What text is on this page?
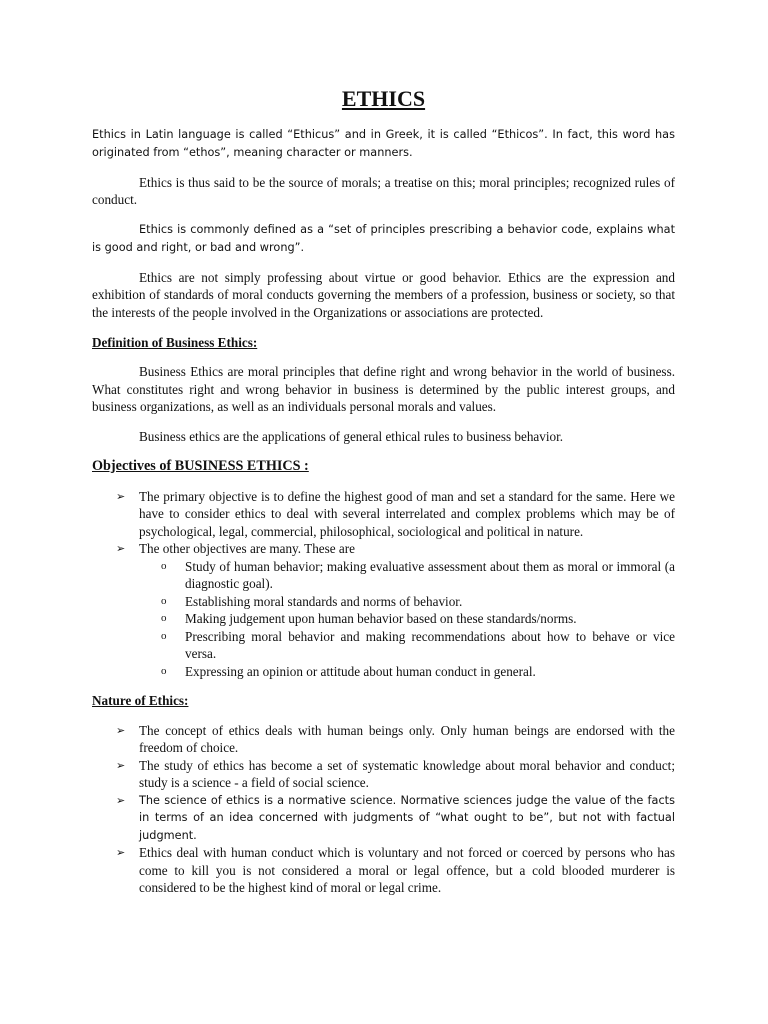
ETHICS

Ethics in Latin language is called “Ethicus” and in Greek, it is called “Ethicos”. In fact, this word has originated from “ethos”, meaning character or manners.

Ethics is thus said to be the source of morals; a treatise on this; moral principles; recognized rules of conduct.

Ethics is commonly defined as a “set of principles prescribing a behavior code, explains what is good and right, or bad and wrong”.

Ethics are not simply professing about virtue or good behavior. Ethics are the expression and exhibition of standards of moral conducts governing the members of a profession, business or society, so that the interests of the people involved in the Organizations or associations are protected.

Definition of Business Ethics:

Business Ethics are moral principles that define right and wrong behavior in the world of business. What constitutes right and wrong behavior in business is determined by the public interest groups, and business organizations, as well as an individuals personal morals and values.

Business ethics are the applications of general ethical rules to business behavior.

Objectives of BUSINESS ETHICS :
➢ The primary objective is to define the highest good of man and set a standard for the same. Here we have to consider ethics to deal with several interrelated and complex problems which may be of psychological, legal, commercial, philosophical, sociological and political in nature.
➢ The other objectives are many. These are
o Study of human behavior; making evaluative assessment about them as moral or immoral (a diagnostic goal).
o Establishing moral standards and norms of behavior.
o Making judgement upon human behavior based on these standards/norms.
o Prescribing moral behavior and making recommendations about how to behave or vice versa.
o Expressing an opinion or attitude about human conduct in general.
Nature of Ethics:
➢ The concept of ethics deals with human beings only. Only human beings are endorsed with the freedom of choice.
➢ The study of ethics has become a set of systematic knowledge about moral behavior and conduct; study is a science - a field of social science.
➢ The science of ethics is a normative science. Normative sciences judge the value of the facts in terms of an idea concerned with judgments of “what ought to be”, but not with factual judgment.
➢ Ethics deal with human conduct which is voluntary and not forced or coerced by persons who has come to kill you is not considered a moral or legal offence, but a cold blooded murderer is considered to be the highest kind of moral or legal crime.
